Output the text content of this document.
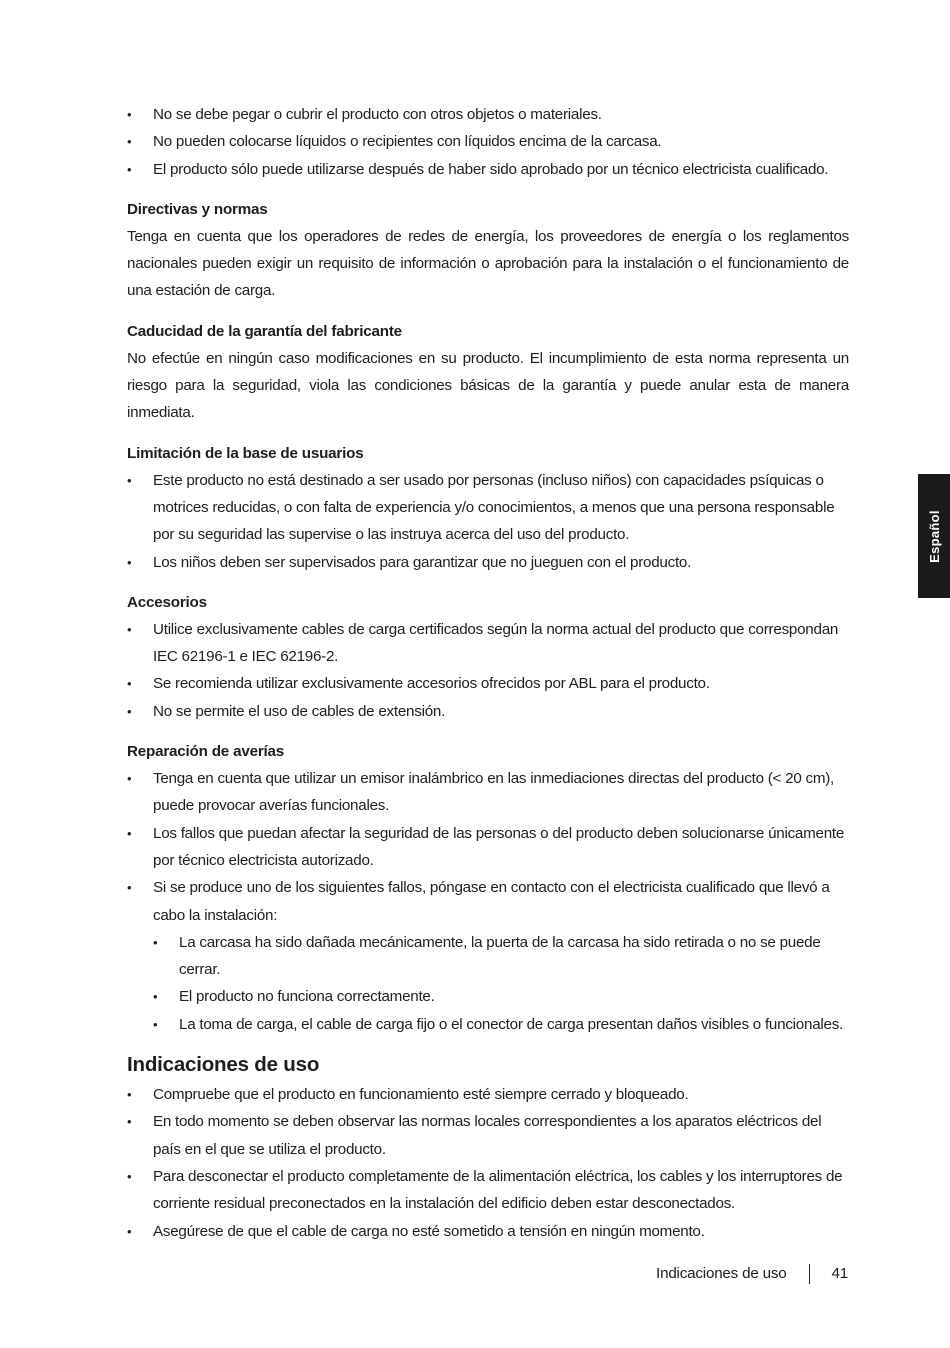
• No se debe pegar o cubrir el producto con otros objetos o materiales.
• No pueden colocarse líquidos o recipientes con líquidos encima de la carcasa.
• El producto sólo puede utilizarse después de haber sido aprobado por un técnico electricista cualificado.
Directivas y normas

Tenga en cuenta que los operadores de redes de energía, los proveedores de energía o los reglamentos nacionales pueden exigir un requisito de información o aprobación para la instalación o el funcionamiento de una estación de carga.

Caducidad de la garantía del fabricante

No efectúe en ningún caso modificaciones en su producto. El incumplimiento de esta norma representa un riesgo para la seguridad, viola las condiciones básicas de la garantía y puede anular esta de manera inmediata.

Limitación de la base de usuarios
• Este producto no está destinado a ser usado por personas (incluso niños) con capacidades psíquicas o motrices reducidas, o con falta de experiencia y/o conocimientos, a menos que una persona responsable por su seguridad las supervise o las instruya acerca del uso del producto.
• Los niños deben ser supervisados para garantizar que no jueguen con el producto.
Accesorios
• Utilice exclusivamente cables de carga certificados según la norma actual del producto que correspondan IEC 62196-1 e IEC 62196-2.
• Se recomienda utilizar exclusivamente accesorios ofrecidos por ABL para el producto.
• No se permite el uso de cables de extensión.
Reparación de averías
• Tenga en cuenta que utilizar un emisor inalámbrico en las inmediaciones directas del producto (< 20 cm), puede provocar averías funcionales.
• Los fallos que puedan afectar la seguridad de las personas o del producto deben solucionarse únicamente por técnico electricista autorizado.
• Si se produce uno de los siguientes fallos, póngase en contacto con el electricista cualificado que llevó a cabo la instalación:
• La carcasa ha sido dañada mecánicamente, la puerta de la carcasa ha sido retirada o no se puede cerrar.
• El producto no funciona correctamente.
• La toma de carga, el cable de carga fijo o el conector de carga presentan daños visibles o funcionales.
Indicaciones de uso
• Compruebe que el producto en funcionamiento esté siempre cerrado y bloqueado.
• En todo momento se deben observar las normas locales correspondientes a los aparatos eléctricos del país en el que se utiliza el producto.
• Para desconectar el producto completamente de la alimentación eléctrica, los cables y los interruptores de corriente residual preconectados en la instalación del edificio deben estar desconectados.
• Asegúrese de que el cable de carga no esté sometido a tensión en ningún momento.
Español
Indicaciones de uso	41
